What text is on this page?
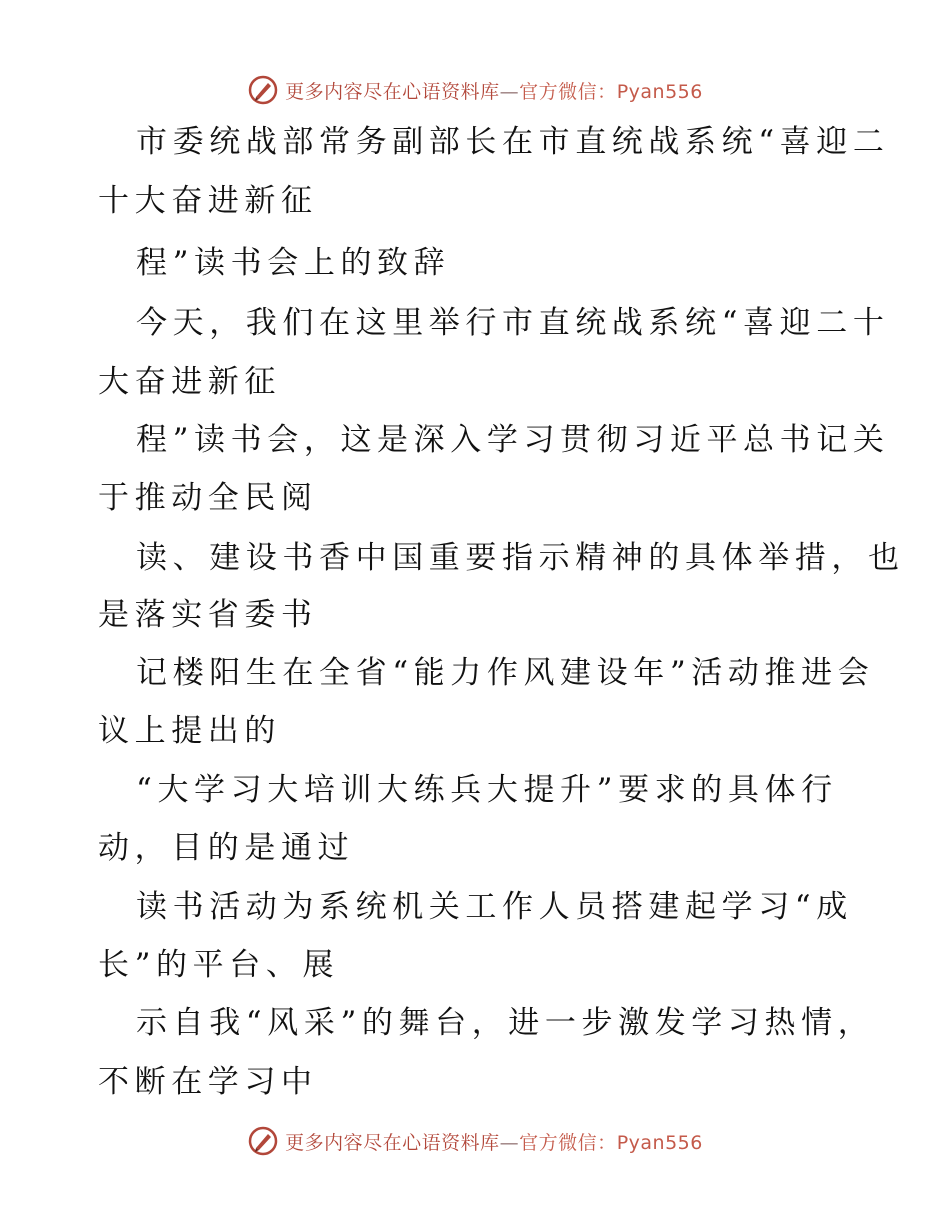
更多内容尽在心语资料库—官方微信：Pyan556
市委统战部常务副部长在市直统战系统“喜迎二
十大奋进新征
程”读书会上的致辞
今天，我们在这里举行市直统战系统“喜迎二十
大奋进新征
程”读书会，这是深入学习贯彻习近平总书记关
于推动全民阅
读、建设书香中国重要指示精神的具体举措，也
是落实省委书
记楼阳生在全省“能力作风建设年”活动推进会
议上提出的
“大学习大培训大练兵大提升”要求的具体行
动，目的是通过
读书活动为系统机关工作人员搭建起学习“成
长”的平台、展
示自我“风采”的舞台，进一步激发学习热情，
不断在学习中
更多内容尽在心语资料库—官方微信：Pyan556
